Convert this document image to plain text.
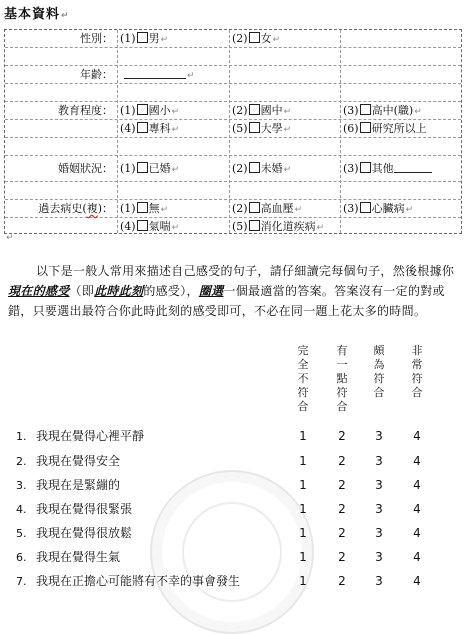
基本資料↵
性別： (1) 男↵	(2) 女↵
年齡：	↵
教育程度： (1) 國小↵	(2) 國中↵	(3) 高中(職)↵
(4) 專科↵	(5) 大學↵	(6) 研究所以上
婚姻狀況： (1) 已婚↵	(2) 未婚↵	(3) 其他
過去病史(複)： (1) 無↵	(2) 高血壓↵	(3) 心臟病↵
(4) 氣喘↵	(5) 消化道疾病↵
↵
以下是一般人常用來描述自己感受的句子，請仔細讀完每個句子，然後根據你現在的感受（即此時此刻的感受），圈選一個最適當的答案。答案沒有一定的對或錯，只要選出最符合你此時此刻的感受即可，不必在同一題上花太多的時間。
完
全
不
符
合
有
一
點
符
合
頗
為
符
合
非
常
符
合
1. 我現在覺得心裡平靜	1	2 3	4
2. 我現在覺得安全	1	2 3	4
3. 我現在是緊繃的	1	2 3	4
4. 我現在覺得很緊張	1	2 3	4
5. 我現在覺得很放鬆	1	2 3	4
6. 我現在覺得生氣	1	2 3	4
7. 我現在正擔心可能將有不幸的事會發生	1	2 3	4
